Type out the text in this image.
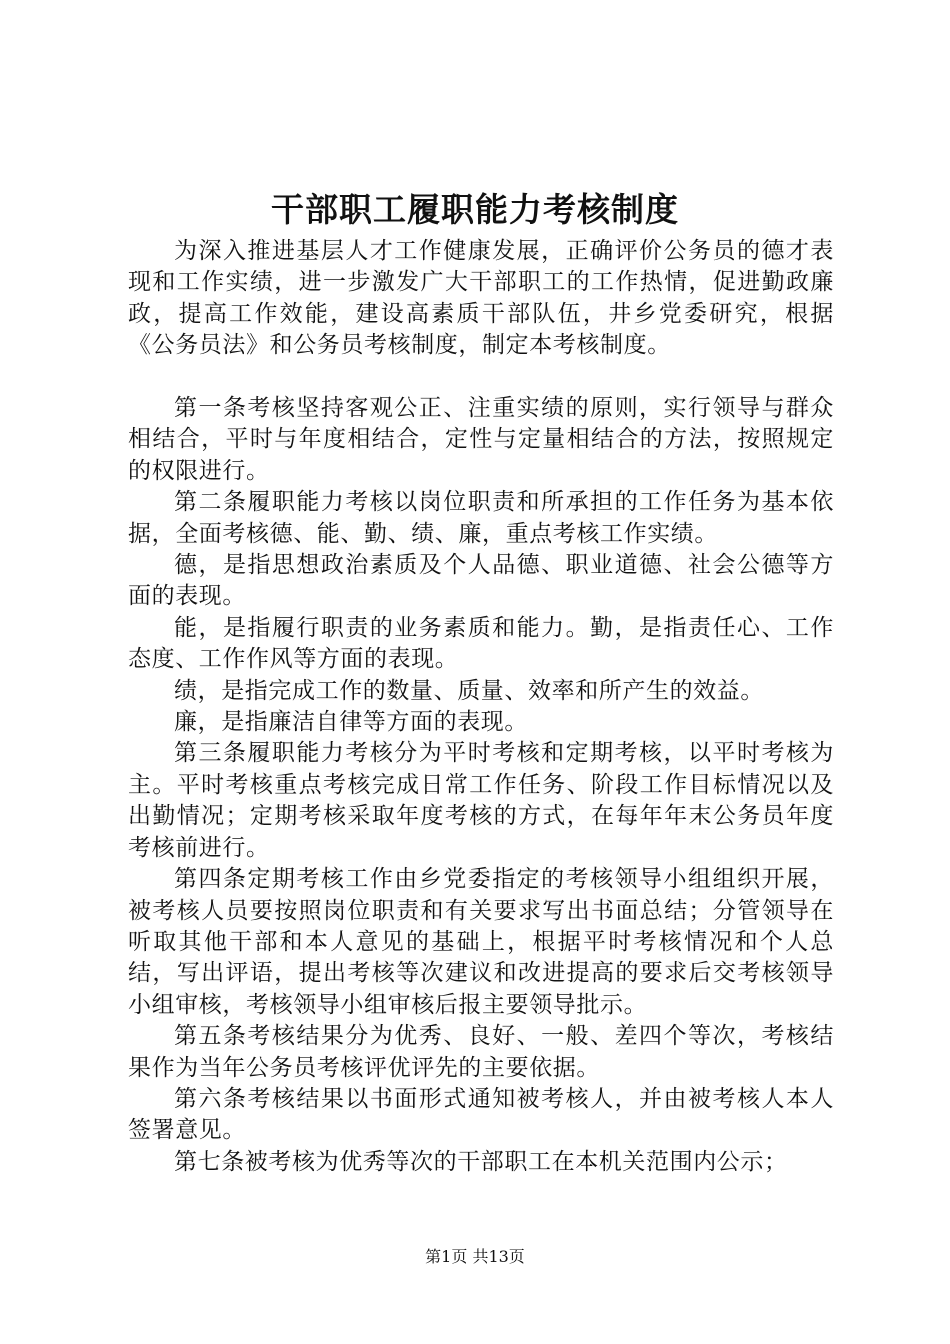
干部职工履职能力考核制度

为深入推进基层人才工作健康发展，正确评价公务员的德才表现和工作实绩，进一步激发广大干部职工的工作热情，促进勤政廉政，提高工作效能，建设高素质干部队伍，井乡党委研究，根据《公务员法》和公务员考核制度，制定本考核制度。

第一条考核坚持客观公正、注重实绩的原则，实行领导与群众相结合，平时与年度相结合，定性与定量相结合的方法，按照规定的权限进行。

第二条履职能力考核以岗位职责和所承担的工作任务为基本依据，全面考核德、能、勤、绩、廉，重点考核工作实绩。

德，是指思想政治素质及个人品德、职业道德、社会公德等方面的表现。

能，是指履行职责的业务素质和能力。勤，是指责任心、工作态度、工作作风等方面的表现。

绩，是指完成工作的数量、质量、效率和所产生的效益。

廉，是指廉洁自律等方面的表现。

第三条履职能力考核分为平时考核和定期考核，以平时考核为主。平时考核重点考核完成日常工作任务、阶段工作目标情况以及出勤情况；定期考核采取年度考核的方式，在每年年末公务员年度考核前进行。

第四条定期考核工作由乡党委指定的考核领导小组组织开展，被考核人员要按照岗位职责和有关要求写出书面总结；分管领导在听取其他干部和本人意见的基础上，根据平时考核情况和个人总结，写出评语，提出考核等次建议和改进提高的要求后交考核领导小组审核，考核领导小组审核后报主要领导批示。

第五条考核结果分为优秀、良好、一般、差四个等次，考核结果作为当年公务员考核评优评先的主要依据。

第六条考核结果以书面形式通知被考核人，并由被考核人本人签署意见。

第七条被考核为优秀等次的干部职工在本机关范围内公示；

第1页 共13页
